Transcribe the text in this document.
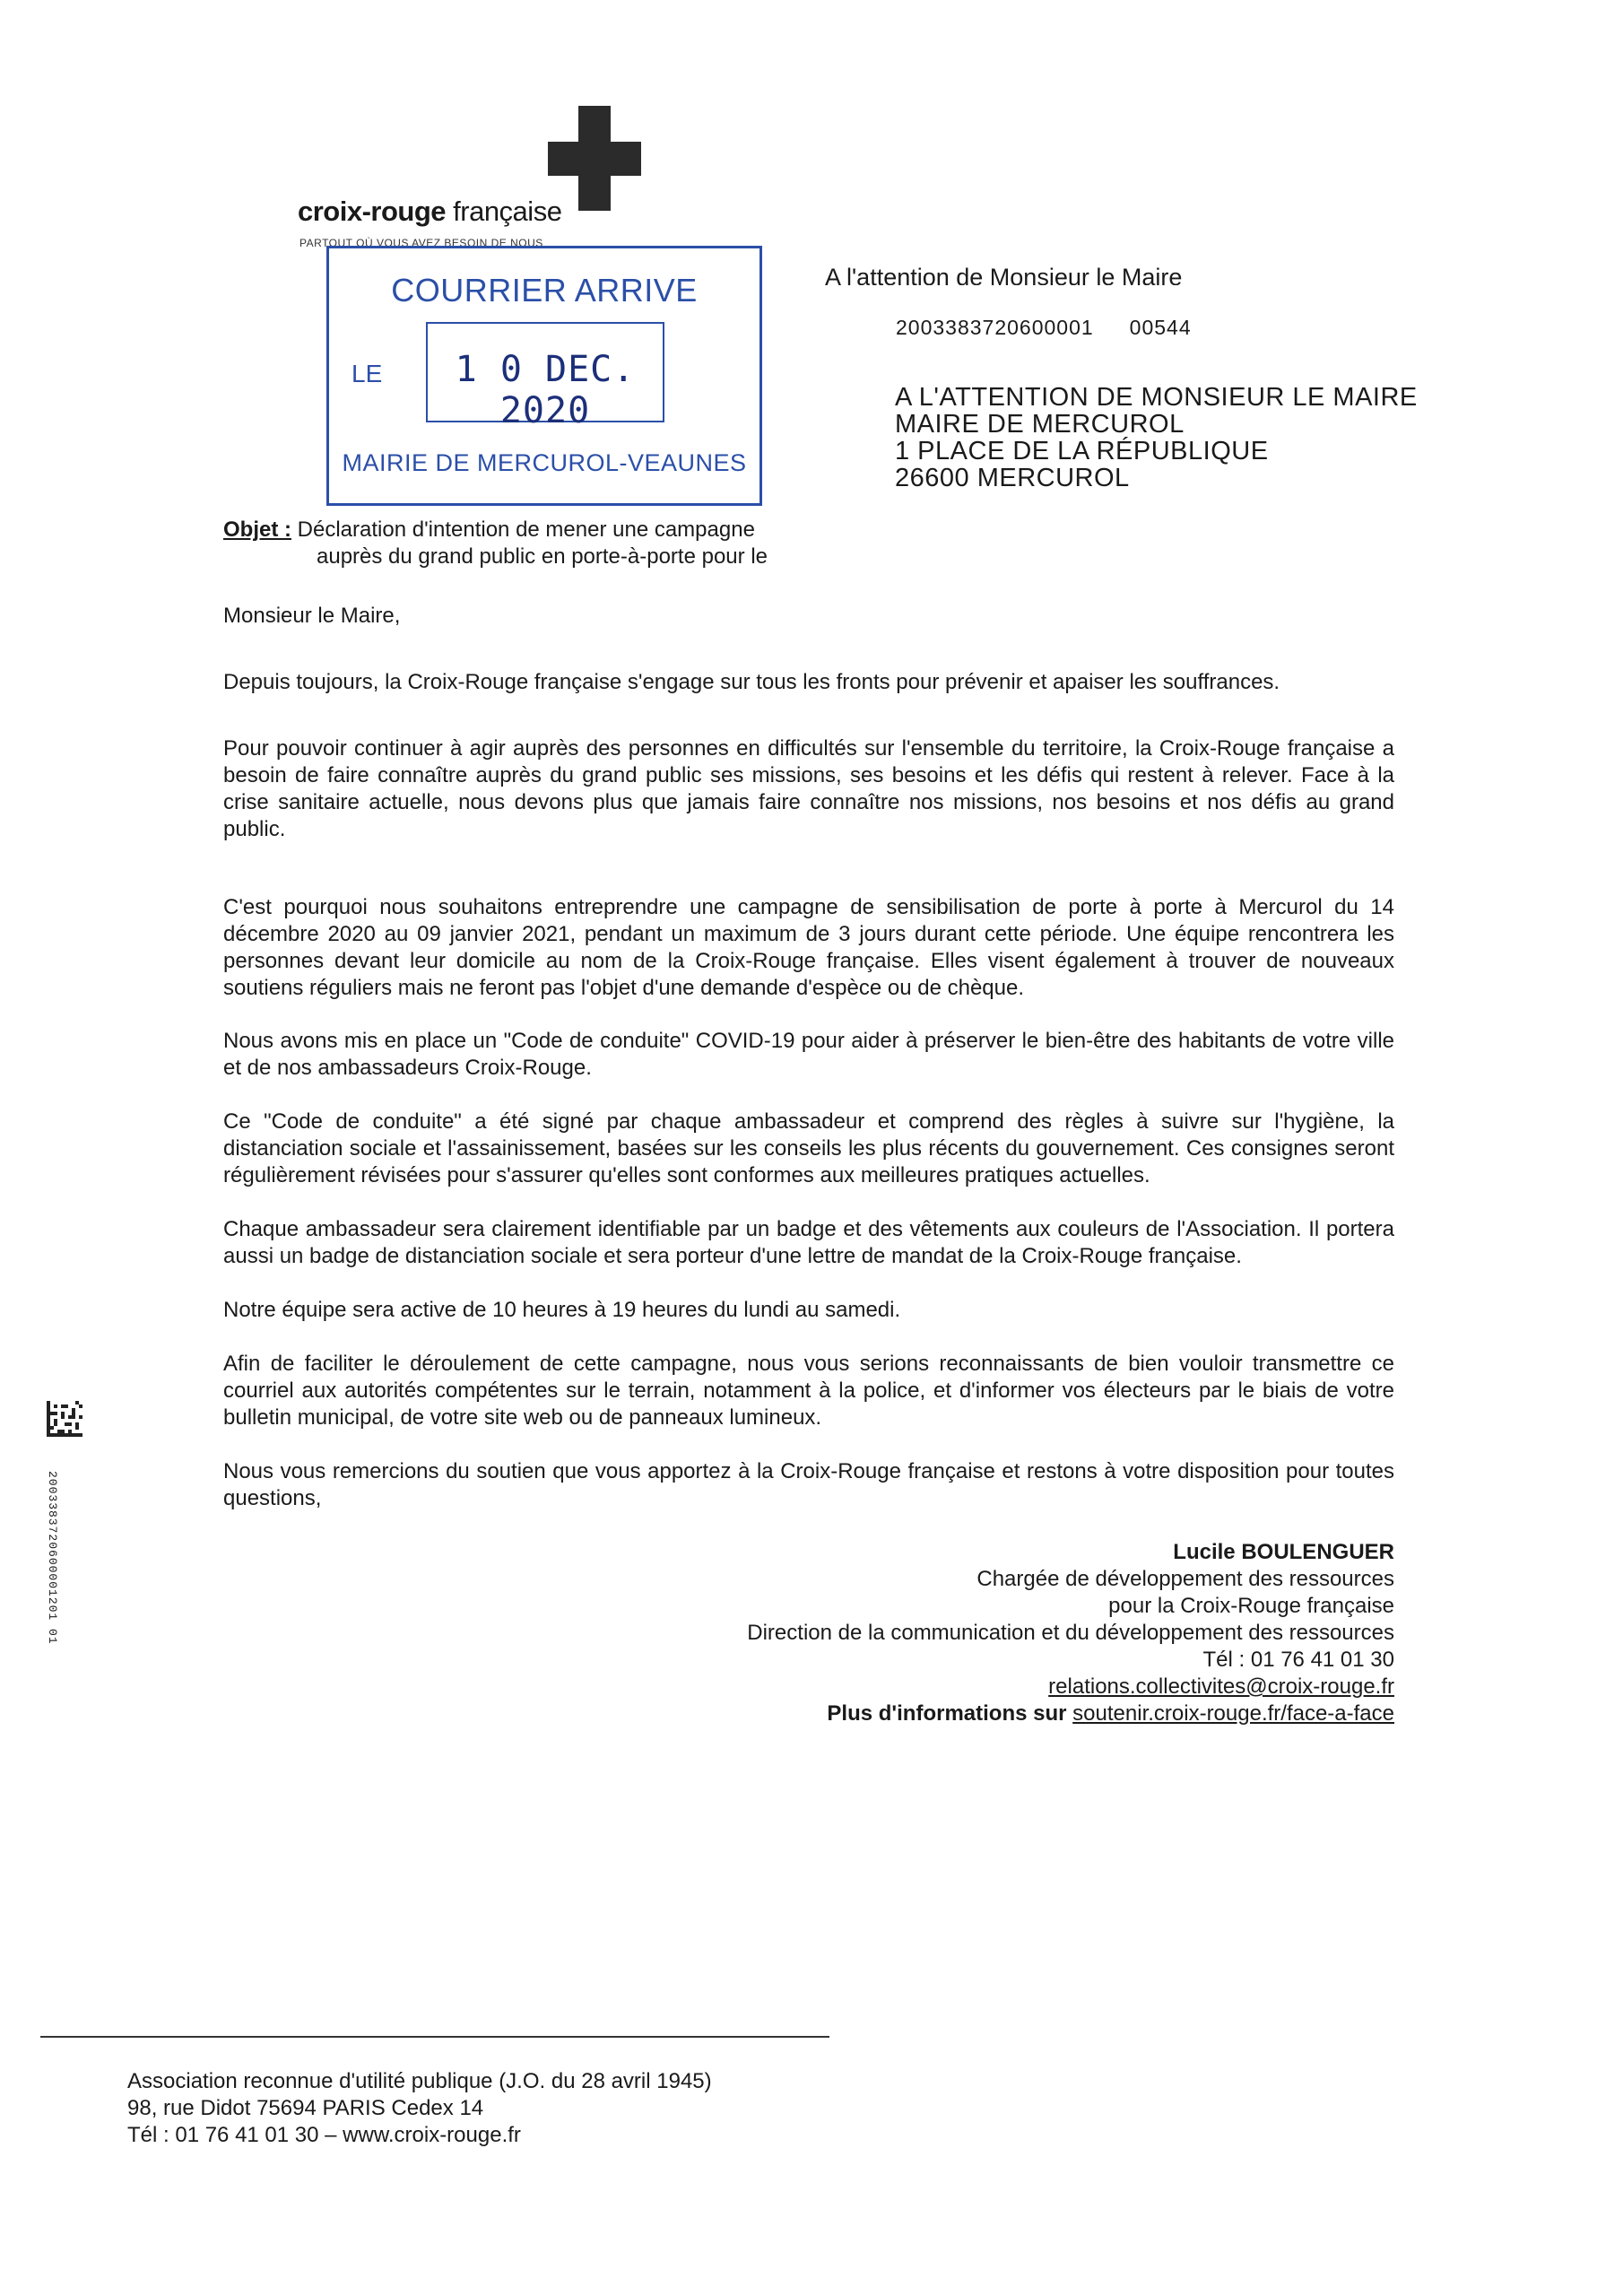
croix-rouge française
PARTOUT OÙ VOUS AVEZ BESOIN DE NOUS
COURRIER ARRIVE
LE	1 0 DEC. 2020
MAIRIE DE MERCUROL-VEAUNES
A l'attention de Monsieur le Maire
2003383720600001 00544
A L'ATTENTION DE MONSIEUR LE MAIRE
MAIRE DE MERCUROL
1 PLACE DE LA RÉPUBLIQUE
26600 MERCUROL
Objet : Déclaration d'intention de mener une campagne
auprès du grand public en porte-à-porte pour le
Monsieur le Maire,
Depuis toujours, la Croix-Rouge française s'engage sur tous les fronts pour prévenir et apaiser les souffrances.
Pour pouvoir continuer à agir auprès des personnes en difficultés sur l'ensemble du territoire, la Croix-Rouge française a besoin de faire connaître auprès du grand public ses missions, ses besoins et les défis qui restent à relever. Face à la crise sanitaire actuelle, nous devons plus que jamais faire connaître nos missions, nos besoins et nos défis au grand public.
C'est pourquoi nous souhaitons entreprendre une campagne de sensibilisation de porte à porte à Mercurol du 14 décembre 2020 au 09 janvier 2021, pendant un maximum de 3 jours durant cette période. Une équipe rencontrera les personnes devant leur domicile au nom de la Croix-Rouge française. Elles visent également à trouver de nouveaux soutiens réguliers mais ne feront pas l'objet d'une demande d'espèce ou de chèque.
Nous avons mis en place un "Code de conduite" COVID-19 pour aider à préserver le bien-être des habitants de votre ville et de nos ambassadeurs Croix-Rouge.
Ce "Code de conduite" a été signé par chaque ambassadeur et comprend des règles à suivre sur l'hygiène, la distanciation sociale et l'assainissement, basées sur les conseils les plus récents du gouvernement. Ces consignes seront régulièrement révisées pour s'assurer qu'elles sont conformes aux meilleures pratiques actuelles.
Chaque ambassadeur sera clairement identifiable par un badge et des vêtements aux couleurs de l'Association. Il portera aussi un badge de distanciation sociale et sera porteur d'une lettre de mandat de la Croix-Rouge française.
Notre équipe sera active de 10 heures à 19 heures du lundi au samedi.
Afin de faciliter le déroulement de cette campagne, nous vous serions reconnaissants de bien vouloir transmettre ce courriel aux autorités compétentes sur le terrain, notamment à la police, et d'informer vos électeurs par le biais de votre bulletin municipal, de votre site web ou de panneaux lumineux.
Nous vous remercions du soutien que vous apportez à la Croix-Rouge française et restons à votre disposition pour toutes questions,
Lucile BOULENGUER
Chargée de développement des ressources
pour la Croix-Rouge française
Direction de la communication et du développement des ressources
Tél : 01 76 41 01 30
relations.collectivites@croix-rouge.fr
Plus d'informations sur soutenir.croix-rouge.fr/face-a-face
2003383720600001201 01
Association reconnue d'utilité publique (J.O. du 28 avril 1945)
98, rue Didot 75694 PARIS Cedex 14
Tél : 01 76 41 01 30 – www.croix-rouge.fr
